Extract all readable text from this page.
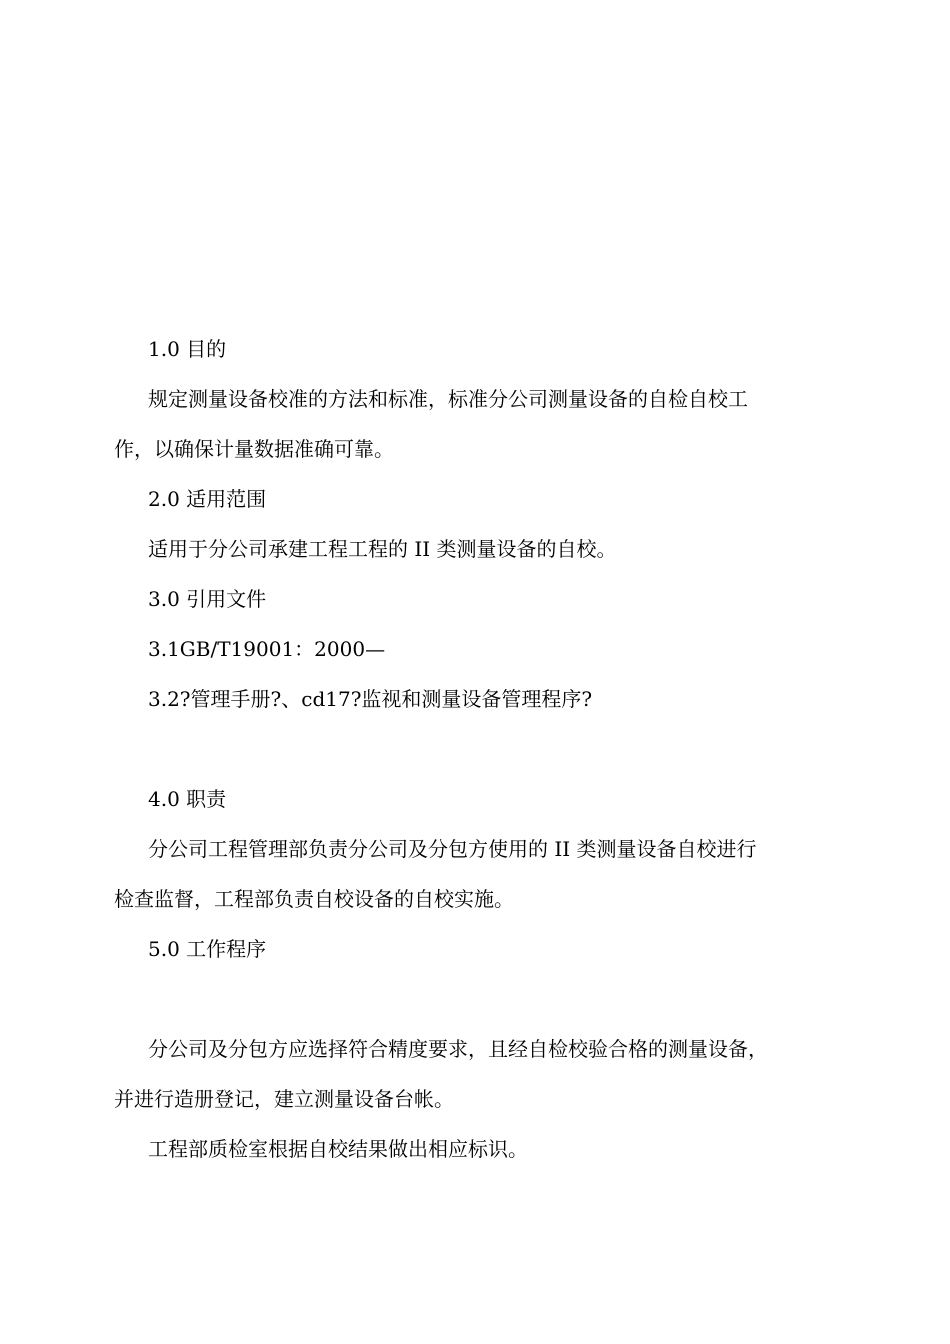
1.0 目的

规定测量设备校准的方法和标准，标准分公司测量设备的自检自校工
作，以确保计量数据准确可靠。

2.0 适用范围

适用于分公司承建工程工程的 II 类测量设备的自校。

3.0 引用文件

3.1GB/T19001：2000—

3.2?管理手册?、cd17?监视和测量设备管理程序?

4.0 职责

分公司工程管理部负责分公司及分包方使用的 II 类测量设备自校进行
检查监督，工程部负责自校设备的自校实施。

5.0 工作程序

分公司及分包方应选择符合精度要求，且经自检校验合格的测量设备，
并进行造册登记，建立测量设备台帐。

工程部质检室根据自校结果做出相应标识。
